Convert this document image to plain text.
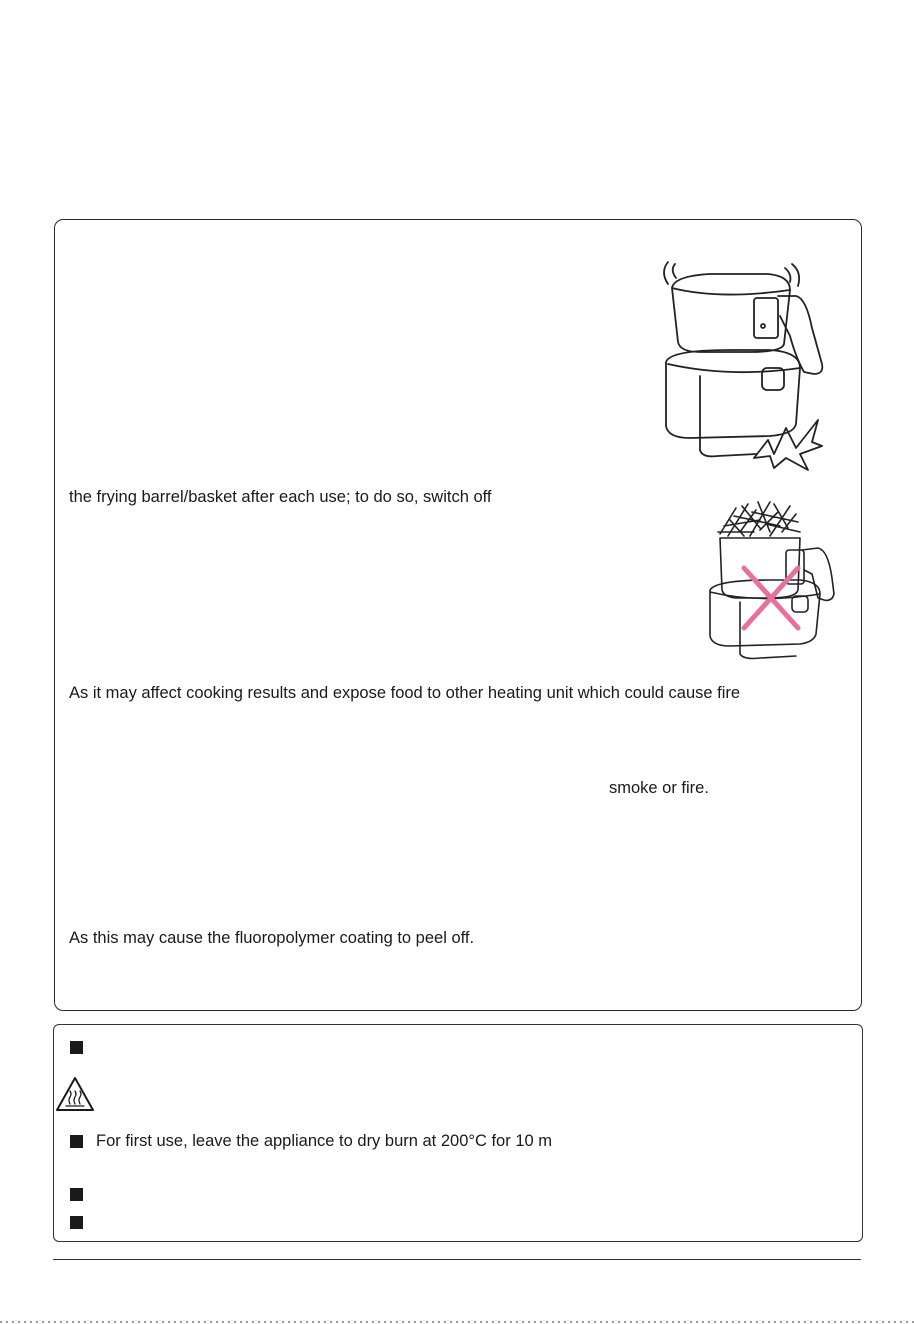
the frying barrel/basket after each use; to do so, switch off
As it may affect cooking results and expose food to other heating unit which could cause fire
smoke or fire.
As this may cause the fluoropolymer coating to peel off.
For first use, leave the appliance to dry burn at 200°C for 10 m
